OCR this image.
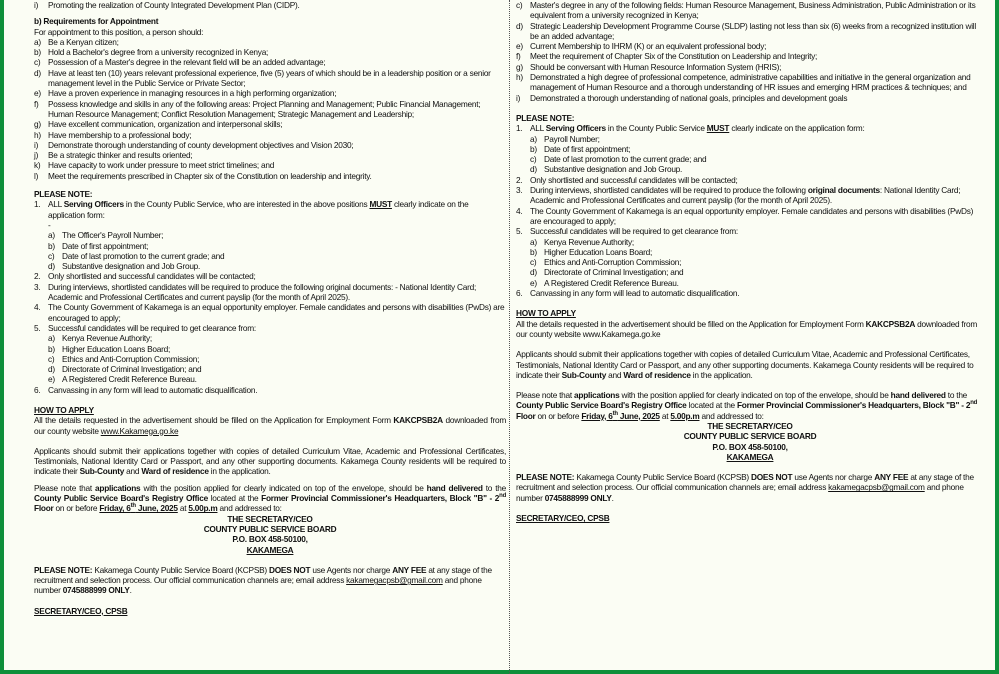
i)	Promoting the realization of County Integrated Development Plan (CIDP).
b) Requirements for Appointment
For appointment to this position, a person should:
a) Be a Kenyan citizen;
b) Hold a Bachelor's degree from a university recognized in Kenya;
c) Possession of a Master's degree in the relevant field will be an added advantage;
d) Have at least ten (10) years relevant professional experience, five (5) years of which should be in a leadership position or a senior management level in the Public Service or Private Sector;
e) Have a proven experience in managing resources in a high performing organization;
f)	Possess knowledge and skills in any of the following areas: Project Planning and Management; Public Financial Management; Human Resource Management; Conflict Resolution Management; Strategic Management and Leadership;
g) Have excellent communication, organization and interpersonal skills;
h) Have membership to a professional body;
i)	Demonstrate thorough understanding of county development objectives and Vision 2030;
j)	Be a strategic thinker and results oriented;
k) Have capacity to work under pressure to meet strict timelines; and
l)	Meet the requirements prescribed in Chapter six of the Constitution on leadership and integrity.
PLEASE NOTE:
1. ALL Serving Officers in the County Public Service, who are interested in the above positions MUST clearly indicate on the application form:
-
a) The Officer's Payroll Number;
b) Date of first appointment;
c) Date of last promotion to the current grade; and
d) Substantive designation and Job Group.
2. Only shortlisted and successful candidates will be contacted;
3. During interviews, shortlisted candidates will be required to produce the following original documents: - National Identity Card; Academic and Professional Certificates and current payslip (for the month of April 2025).
4. The County Government of Kakamega is an equal opportunity employer. Female candidates and persons with disabilities (PwDs) are encouraged to apply;
5. Successful candidates will be required to get clearance from:
a) Kenya Revenue Authority;
b) Higher Education Loans Board;
c) Ethics and Anti-Corruption Commission;
d) Directorate of Criminal Investigation; and
e) A Registered Credit Reference Bureau.
6. Canvassing in any form will lead to automatic disqualification.
HOW TO APPLY
All the details requested in the advertisement should be filled on the Application for Employment Form KAKCPSB2A downloaded from our county website www.Kakamega.go.ke
Applicants should submit their applications together with copies of detailed Curriculum Vitae, Academic and Professional Certificates, Testimonials, National Identity Card or Passport, and any other supporting documents. Kakamega County residents will be required to indicate their Sub-County and Ward of residence in the application.
Please note that applications with the position applied for clearly indicated on top of the envelope, should be hand delivered to the County Public Service Board's Registry Office located at the Former Provincial Commissioner's Headquarters, Block "B" - 2nd Floor on or before Friday, 6th June, 2025 at 5.00p.m and addressed to:
THE SECRETARY/CEO
COUNTY PUBLIC SERVICE BOARD
P.O. BOX 458-50100,
KAKAMEGA
PLEASE NOTE: Kakamega County Public Service Board (KCPSB) DOES NOT use Agents nor charge ANY FEE at any stage of the recruitment and selection process. Our official communication channels are; email address kakamegacpsb@gmail.com and phone number 0745888999 ONLY.
SECRETARY/CEO, CPSB
c) Master's degree in any of the following fields: Human Resource Management, Business Administration, Public Administration or its equivalent from a university recognized in Kenya;
d) Strategic Leadership Development Programme Course (SLDP) lasting not less than six (6) weeks from a recognized institution will be an added advantage;
e) Current Membership to IHRM (K) or an equivalent professional body;
f)	Meet the requirement of Chapter Six of the Constitution on Leadership and Integrity;
g) Should be conversant with Human Resource Information System (HRIS);
h) Demonstrated a high degree of professional competence, administrative capabilities and initiative in the general organization and management of Human Resource and a thorough understanding of HR issues and emerging HRM practices & techniques; and
i)	Demonstrated a thorough understanding of national goals, principles and development goals
PLEASE NOTE:
1. ALL Serving Officers in the County Public Service MUST clearly indicate on the application form:
a) Payroll Number;
b) Date of first appointment;
c) Date of last promotion to the current grade; and
d) Substantive designation and Job Group.
2. Only shortlisted and successful candidates will be contacted;
3. During interviews, shortlisted candidates will be required to produce the following original documents: National Identity Card; Academic and Professional Certificates and current payslip (for the month of April 2025).
4. The County Government of Kakamega is an equal opportunity employer. Female candidates and persons with disabilities (PwDs) are encouraged to apply;
5. Successful candidates will be required to get clearance from:
a) Kenya Revenue Authority;
b) Higher Education Loans Board;
c) Ethics and Anti-Corruption Commission;
d) Directorate of Criminal Investigation; and
e) A Registered Credit Reference Bureau.
6. Canvassing in any form will lead to automatic disqualification.
HOW TO APPLY
All the details requested in the advertisement should be filled on the Application for Employment Form KAKCPSB2A downloaded from our county website www.Kakamega.go.ke
Applicants should submit their applications together with copies of detailed Curriculum Vitae, Academic and Professional Certificates, Testimonials, National Identity Card or Passport, and any other supporting documents. Kakamega County residents will be required to indicate their Sub-County and Ward of residence in the application.
Please note that applications with the position applied for clearly indicated on top of the envelope, should be hand delivered to the County Public Service Board's Registry Office located at the Former Provincial Commissioner's Headquarters, Block "B" - 2nd Floor on or before Friday, 6th June, 2025 at 5.00p.m and addressed to:
THE SECRETARY/CEO
COUNTY PUBLIC SERVICE BOARD
P.O. BOX 458-50100,
KAKAMEGA
PLEASE NOTE: Kakamega County Public Service Board (KCPSB) DOES NOT use Agents nor charge ANY FEE at any stage of the recruitment and selection process. Our official communication channels are; email address kakamegacpsb@gmail.com and phone number 0745888999 ONLY.
SECRETARY/CEO, CPSB
